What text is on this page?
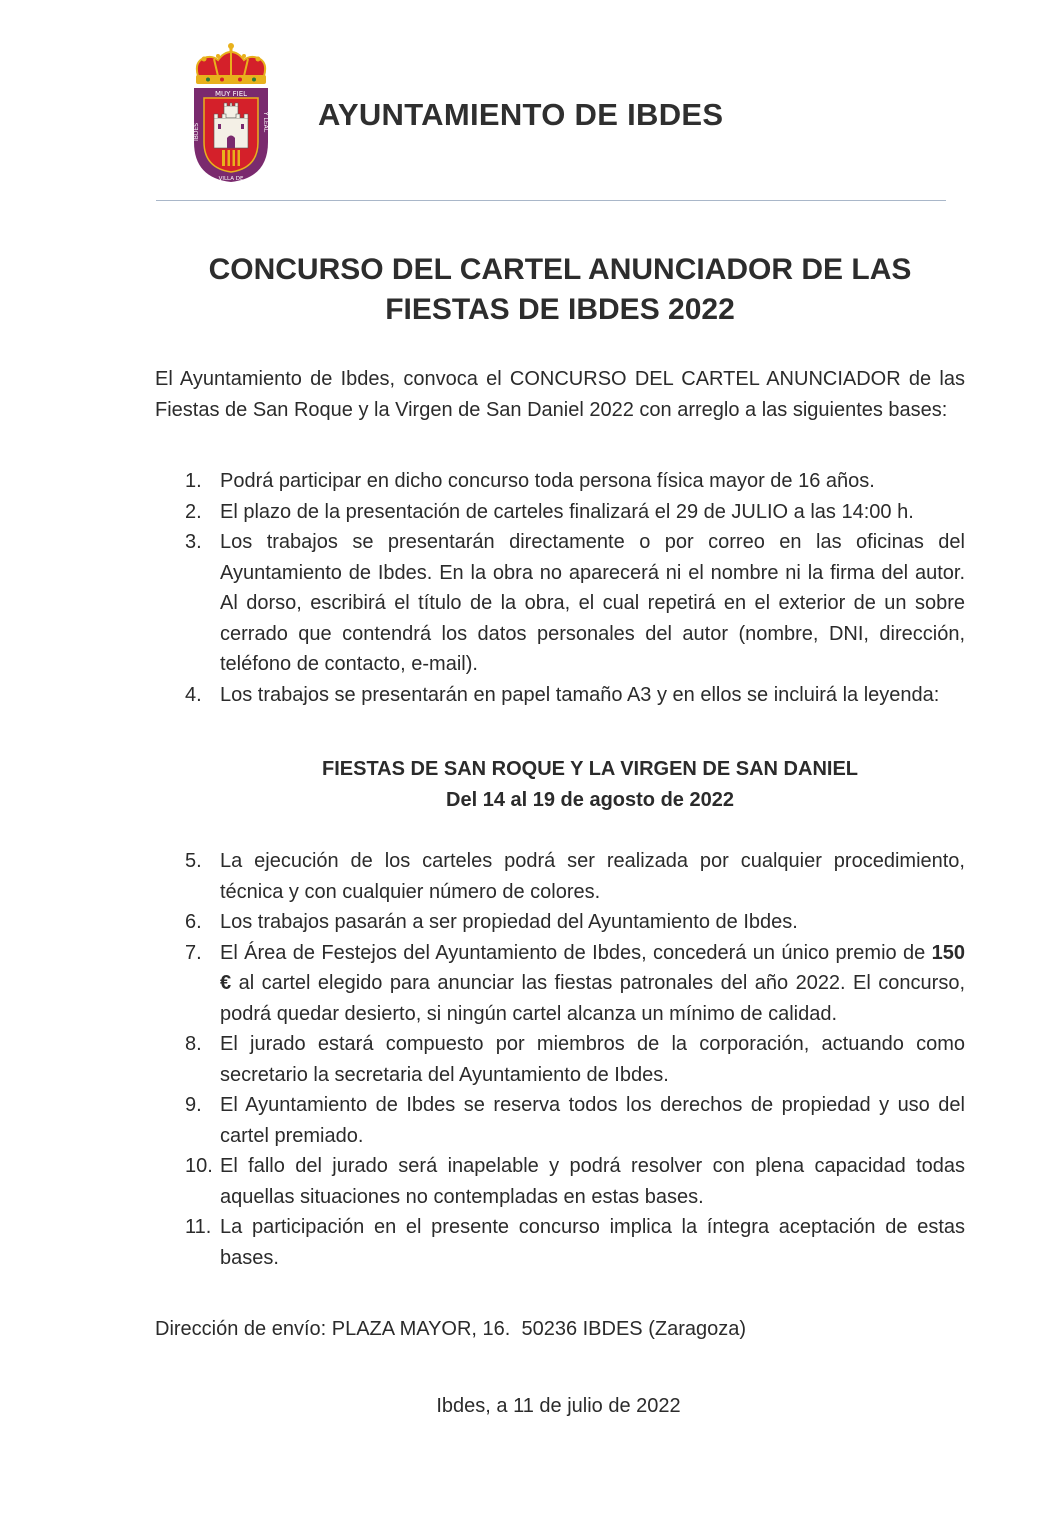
MUY FIEL
Y LEAL
IBDES
VILLA DE
AYUNTAMIENTO DE IBDES
CONCURSO DEL CARTEL ANUNCIADOR DE LAS
FIESTAS DE IBDES 2022

El Ayuntamiento de Ibdes, convoca el CONCURSO DEL CARTEL ANUNCIADOR de las Fiestas de San Roque y la Virgen de San Daniel 2022 con arreglo a las siguientes bases:

1. Podrá participar en dicho concurso toda persona física mayor de 16 años.
2. El plazo de la presentación de carteles finalizará el 29 de JULIO a las 14:00 h.
3. Los trabajos se presentarán directamente o por correo en las oficinas del Ayuntamiento de Ibdes. En la obra no aparecerá ni el nombre ni la firma del autor. Al dorso, escribirá el título de la obra, el cual repetirá en el exterior de un sobre cerrado que contendrá los datos personales del autor (nombre, DNI, dirección, teléfono de contacto, e-mail).
4. Los trabajos se presentarán en papel tamaño A3 y en ellos se incluirá la leyenda:
FIESTAS DE SAN ROQUE Y LA VIRGEN DE SAN DANIEL
Del 14 al 19 de agosto de 2022
5. La ejecución de los carteles podrá ser realizada por cualquier procedimiento, técnica y con cualquier número de colores.
6. Los trabajos pasarán a ser propiedad del Ayuntamiento de Ibdes.
7. El Área de Festejos del Ayuntamiento de Ibdes, concederá un único premio de 150 € al cartel elegido para anunciar las fiestas patronales del año 2022. El concurso, podrá quedar desierto, si ningún cartel alcanza un mínimo de calidad.
8. El jurado estará compuesto por miembros de la corporación, actuando como secretario la secretaria del Ayuntamiento de Ibdes.
9. El Ayuntamiento de Ibdes se reserva todos los derechos de propiedad y uso del cartel premiado.
10. El fallo del jurado será inapelable y podrá resolver con plena capacidad todas aquellas situaciones no contempladas en estas bases.
11. La participación en el presente concurso implica la íntegra aceptación de estas bases.
Dirección de envío: PLAZA MAYOR, 16.  50236 IBDES (Zaragoza)
Ibdes, a 11 de julio de 2022
